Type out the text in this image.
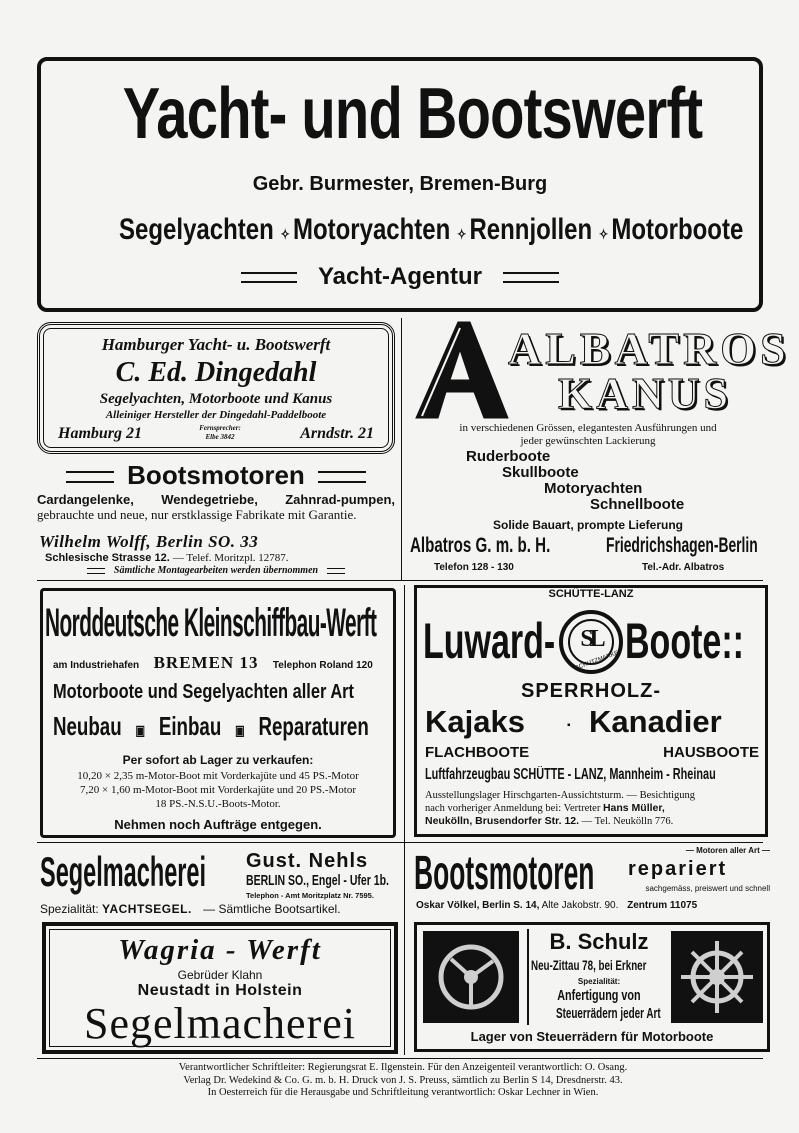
Yacht- und Bootswerft
Gebr. Burmester, Bremen-Burg
Segelyachten ✧ Motoryachten ✧ Rennjollen ✧ Motorboote
Yacht-Agentur
Hamburger Yacht- u. Bootswerft
C. Ed. Dingedahl
Segelyachten, Motorboote und Kanus
Alleiniger Hersteller der Dingedahl-Paddelboote
Hamburg 21	Fernsprecher:
Elbe 3842	Arndstr. 21
Bootsmotoren
Cardangelenke, Wendegetriebe, Zahnrad-pumpen, gebrauchte und neue, nur erstklassige Fabrikate mit Garantie.
Wilhelm Wolff, Berlin SO. 33
Schlesische Strasse 12. — Telef. Moritzpl. 12787.
Sämtliche Montagearbeiten werden übernommen
ALBATROS
KANUS
in verschiedenen Grössen, elegantesten Ausführungen und jeder gewünschten Lackierung
Ruderboote
Skullboote
Motoryachten
Schnellboote
Solide Bauart, prompte Lieferung
Albatros G. m. b. H.	Friedrichshagen-Berlin
Telefon 128 - 130	Tel.-Adr. Albatros
Norddeutsche Kleinschiffbau-Werft
am Industriehafen BREMEN 13 Telephon Roland 120
Motorboote und Segelyachten aller Art
Neubau ▣ Einbau ▣ Reparaturen
Per sofort ab Lager zu verkaufen:
10,20 × 2,35 m-Motor-Boot mit Vorderkajüte und 45 PS.-Motor
7,20 × 1,60 m-Motor-Boot mit Vorderkajüte und 20 PS.-Motor
18 PS.-N.S.U.-Boots-Motor.
Nehmen noch Aufträge entgegen.
SCHÜTTE-LANZ
Luward-	SL
SCHUTZMARKE Boote::
SPERRHOLZ-
Kajaks	▪ Kanadier
FLACHBOOTE	HAUSBOOTE
Luftfahrzeugbau SCHÜTTE - LANZ, Mannheim - Rheinau
Ausstellungslager Hirschgarten-Aussichtsturm. — Besichtigung
nach vorheriger Anmeldung bei: Vertreter Hans Müller,
Neukölln, Brusendorfer Str. 12. — Tel. Neukölln 776.
Segelmacherei	Gust. Nehls
BERLIN SO., Engel - Ufer 1b.
Telephon - Amt Moritzplatz Nr. 7595.
Spezialität: YACHTSEGEL. — Sämtliche Bootsartikel.
Bootsmotoren	— Motoren aller Art —
repariert
sachgemäss, preiswert und schnell
Oskar Völkel, Berlin S. 14, Alte Jakobstr. 90. Zentrum 11075
Wagria - Werft
Gebrüder Klahn
Neustadt in Holstein
Segelmacherei
B. Schulz
Neu-Zittau 78, bei Erkner
Spezialität:
Anfertigung von
Steuerrädern jeder Art
Lager von Steuerrädern für Motorboote
Verantwortlicher Schriftleiter: Regierungsrat E. Ilgenstein. Für den Anzeigenteil verantwortlich: O. Osang.
Verlag Dr. Wedekind & Co. G. m. b. H. Druck von J. S. Preuss, sämtlich zu Berlin S 14, Dresdnerstr. 43.
In Oesterreich für die Herausgabe und Schriftleitung verantwortlich: Oskar Lechner in Wien.
